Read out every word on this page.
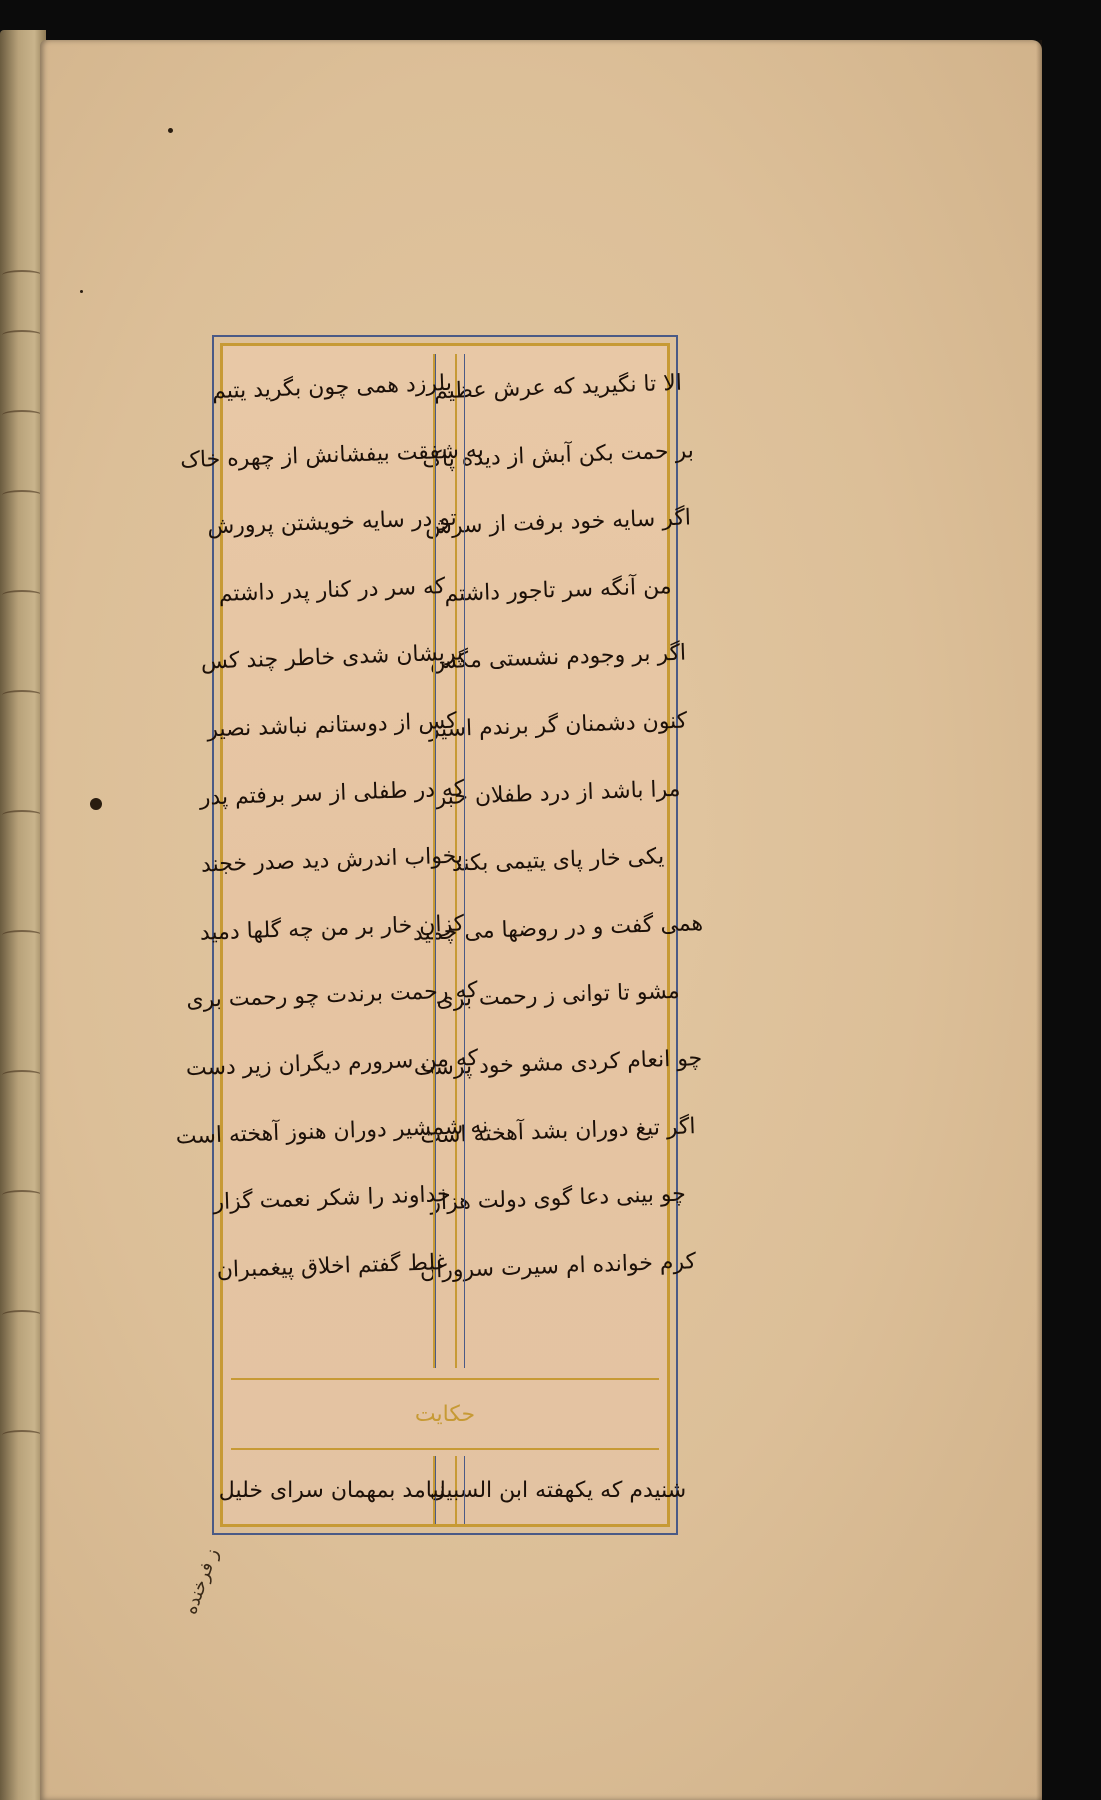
الا تا نگیرید که عرش عظیم
بر حمت بکن آبش از دیده پاک
اگر سایه خود برفت از سرش
من آنگه سر تاجور داشتم
اگر بر وجودم نشستی مگس
کنون دشمنان گر برندم اسیر
مرا باشد از درد طفلان خبر
یکی خار پای یتیمی بکند
همی گفت و در روضها می چمید
مشو تا توانی ز رحمت بری
چو انعام کردی مشو خود پرست
اگر تیغ دوران بشد آهخته است
چو بینی دعا گوی دولت هزار
کرم خوانده ام سیرت سروران
بلرزد همی چون بگرید یتیم
به شفقت بیفشانش از چهره خاک
تو در سایه خویشتن پرورش
که سر در کنار پدر داشتم
پریشان شدی خاطر چند کس
کس از دوستانم نباشد نصیر
که در طفلی از سر برفتم پدر
بخواب اندرش دید صدر خجند
کزان خار بر من چه گلها دمید
که رحمت برندت چو رحمت بری
که من سرورم دیگران زیر دست
نه شمشیر دوران هنوز آهخته است
خداوند را شکر نعمت گزار
غلط گفتم اخلاق پیغمبران
حکایت
شنیدم که یکهفته ابن السبیل
نیامد بمهمان سرای خلیل
ز فرخنده
